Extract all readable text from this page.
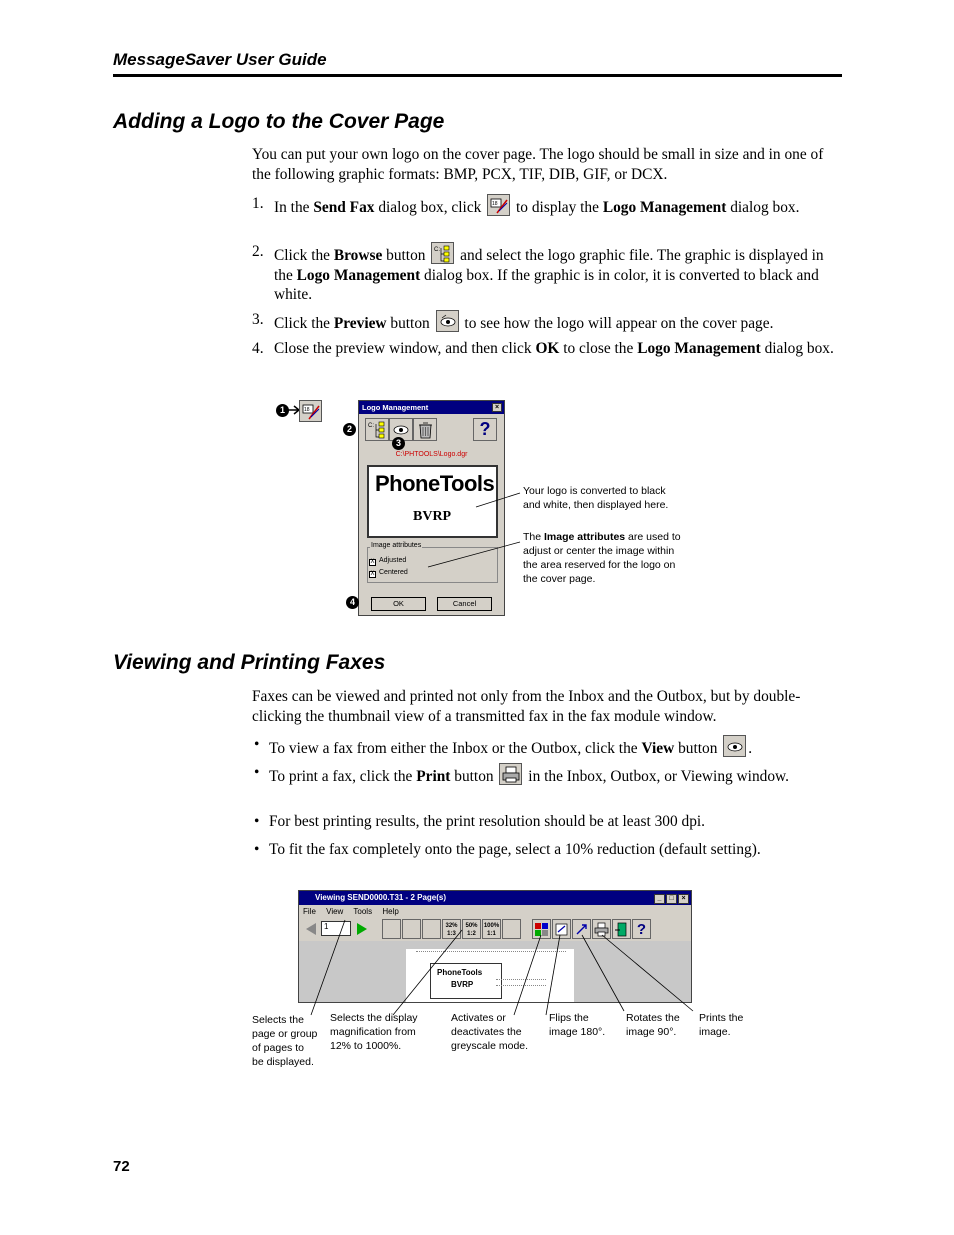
MessageSaver User Guide
Adding a Logo to the Cover Page

You can put your own logo on the cover page. The logo should be small in size and in one of the following graphic formats: BMP, PCX, TIF, DIB, GIF, or DCX.

1. In the Send Fax dialog box, click 18 to display the Logo Management dialog box.
2. Click the Browse button C: and select the logo graphic file. The graphic is displayed in the Logo Management dialog box. If the graphic is in color, it is converted to black and white.
3. Click the Preview button
to see how the logo will appear on the cover page.
4. Close the preview window, and then click OK to close the Logo Management dialog box.
1	18	Logo Management	×
C:	?
C:\PHTOOLS\Logo.dgr
PhoneTools
BVRP
Image attributes
X Adjusted
X Centered
OK	Cancel
2
3
4
Your logo is converted to black and white, then displayed here.
The Image attributes are used to adjust or center the image within the area reserved for the logo on the cover page.
Viewing and Printing Faxes

Faxes can be viewed and printed not only from the Inbox and the Outbox, but by double-clicking the thumbnail view of a transmitted fax in the fax module window.

• To view a fax from either the Inbox or the Outbox, click the View button
.
• To print a fax, click the Print button
in the Inbox, Outbox, or Viewing window.
• For best printing results, the print resolution should be at least 300 dpi.
• To fit the fax completely onto the page, select a 10% reduction (default setting).
Viewing SEND0000.T31 - 2 Page(s)	_ □ ×
File View Tools Help
1	32%
1:3
50%
1:2
100%
1:1	?
PhoneTools
BVRP
Selects the page or group of pages to be displayed.
Selects the display magnification from 12% to 1000%.
Activates or deactivates the greyscale mode.
Flips the image 180°.
Rotates the image 90°.
Prints the image.
72
